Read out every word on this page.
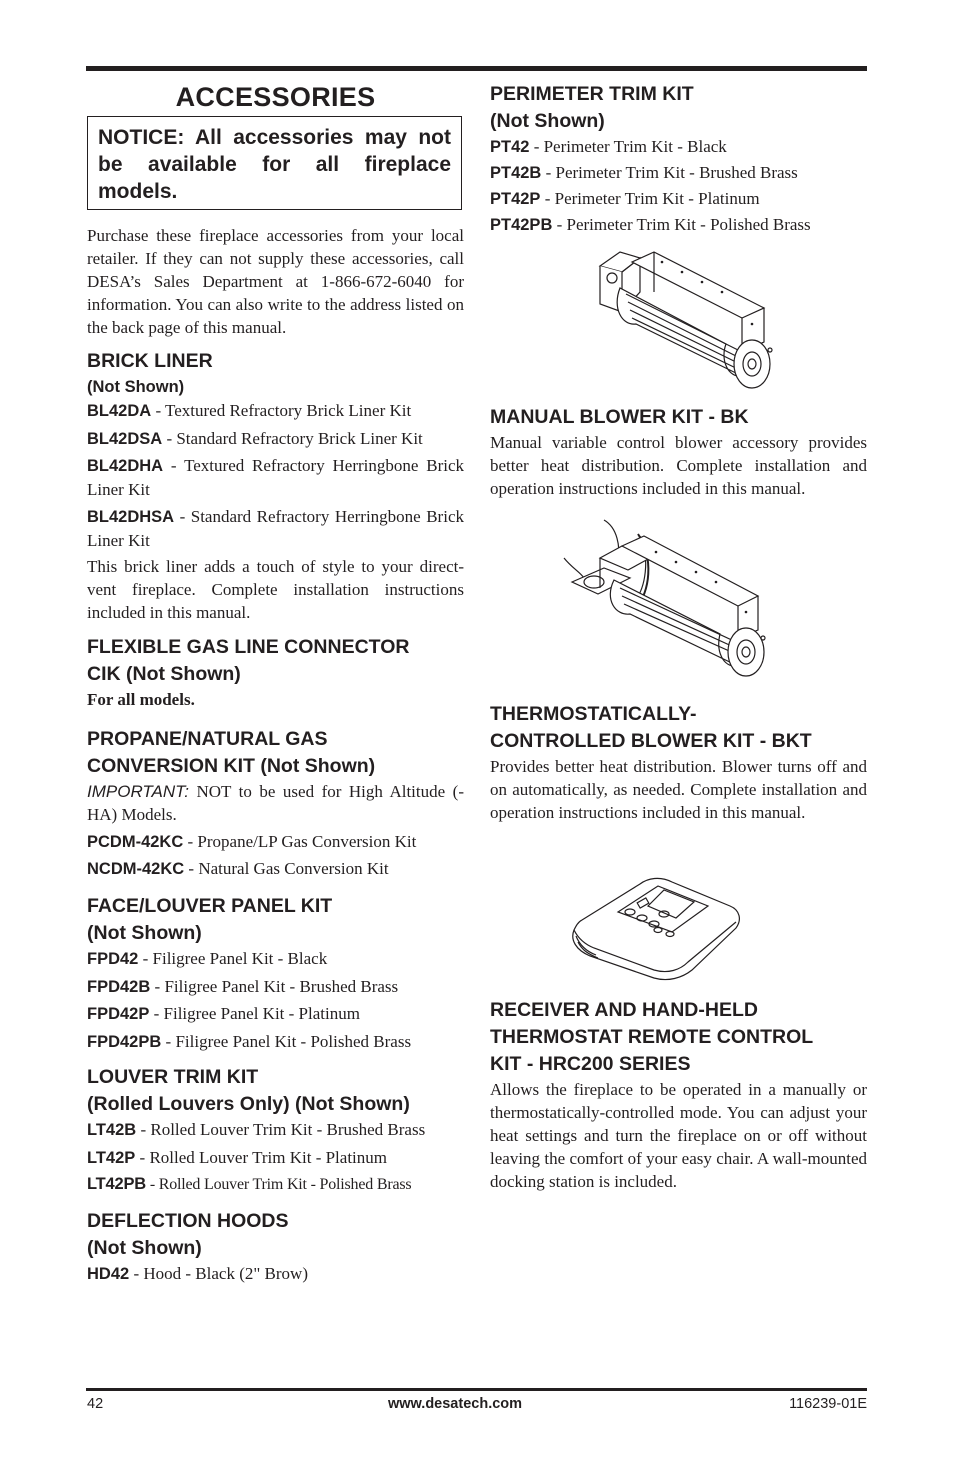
ACCESSORIES
NOTICE: All accessories may not be available for all fireplace models.
Purchase these fireplace accessories from your local retailer. If they can not supply these accessories, call DESA’s Sales Department at 1-866-672-6040 for information. You can also write to the address listed on the back page of this manual.
BRICK LINER
(Not Shown)
BL42DA - Textured Refractory Brick Liner Kit
BL42DSA - Standard Refractory Brick Liner Kit
BL42DHA - Textured Refractory Herringbone Brick Liner Kit
BL42DHSA - Standard Refractory Herringbone Brick Liner Kit
This brick liner adds a touch of style to your direct-vent fireplace. Complete installation instructions included in this manual.
FLEXIBLE GAS LINE CONNECTOR
CIK (Not Shown)
For all models.
PROPANE/NATURAL GAS
CONVERSION KIT (Not Shown)
IMPORTANT: NOT to be used for High Altitude (-HA) Models.
PCDM-42KC - Propane/LP Gas Conversion Kit
NCDM-42KC - Natural Gas Conversion Kit
FACE/LOUVER PANEL KIT
(Not Shown)
FPD42 - Filigree Panel Kit - Black
FPD42B - Filigree Panel Kit - Brushed Brass
FPD42P - Filigree Panel Kit - Platinum
FPD42PB - Filigree Panel Kit - Polished Brass
LOUVER TRIM KIT
(Rolled Louvers Only) (Not Shown)
LT42B - Rolled Louver Trim Kit - Brushed Brass
LT42P - Rolled Louver Trim Kit - Platinum
LT42PB - Rolled Louver Trim Kit - Polished Brass
DEFLECTION HOODS
(Not Shown)
HD42 - Hood - Black (2" Brow)
PERIMETER TRIM KIT
(Not Shown)
PT42 - Perimeter Trim Kit - Black
PT42B - Perimeter Trim Kit - Brushed Brass
PT42P - Perimeter Trim Kit - Platinum
PT42PB - Perimeter Trim Kit - Polished Brass
MANUAL BLOWER KIT - BK
Manual variable control blower accessory provides better heat distribution. Complete installation and operation instructions included in this manual.
THERMOSTATICALLY-
CONTROLLED BLOWER KIT - BKT
Provides better heat distribution. Blower turns off and on automatically, as needed. Complete installation and operation instructions included in this manual.
RECEIVER AND HAND-HELD
THERMOSTAT REMOTE CONTROL
KIT - HRC200 SERIES
Allows the fireplace to be operated in a manually or thermostatically-controlled mode. You can adjust your heat settings and turn the fireplace on or off without leaving the comfort of your easy chair. A wall-mounted docking station is included.
42	www.desatech.com	116239-01E
